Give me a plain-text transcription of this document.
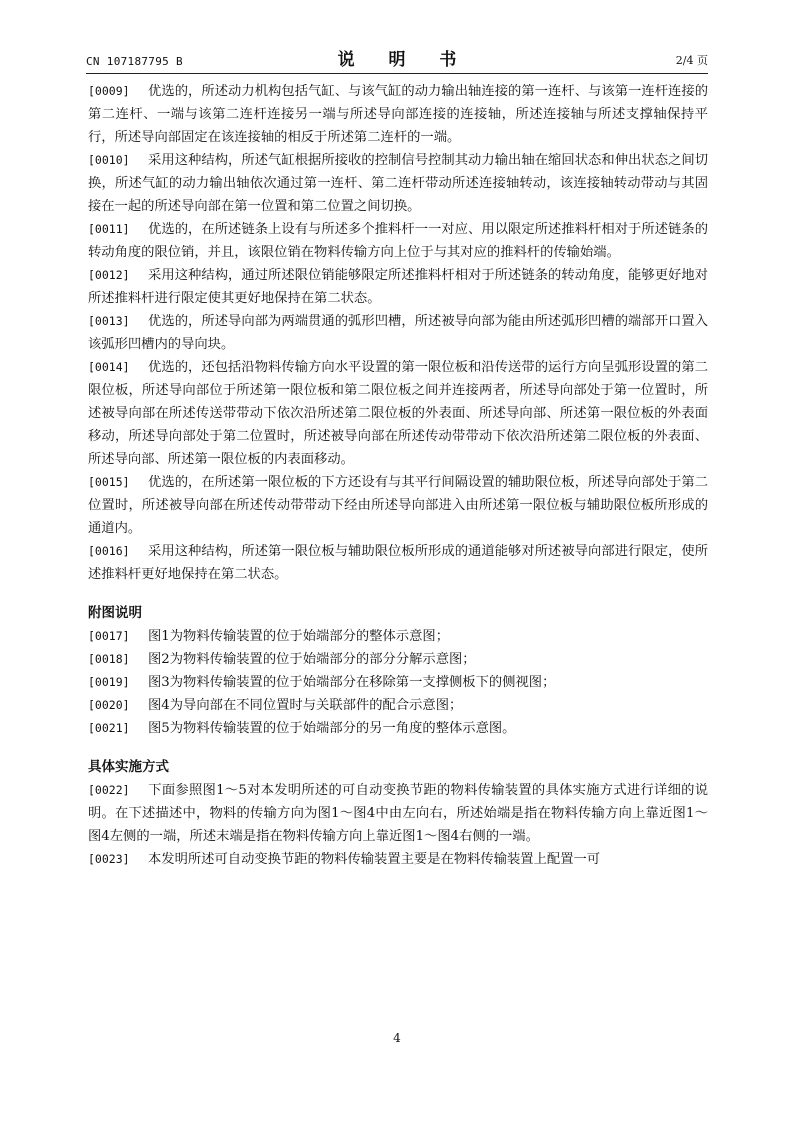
CN 107187795 B	说 明 书	2/4 页

[0009] 优选的，所述动力机构包括气缸、与该气缸的动力输出轴连接的第一连杆、与该第一连杆连接的第二连杆、一端与该第二连杆连接另一端与所述导向部连接的连接轴，所述连接轴与所述支撑轴保持平行，所述导向部固定在该连接轴的相反于所述第二连杆的一端。

[0010] 采用这种结构，所述气缸根据所接收的控制信号控制其动力输出轴在缩回状态和伸出状态之间切换，所述气缸的动力输出轴依次通过第一连杆、第二连杆带动所述连接轴转动，该连接轴转动带动与其固接在一起的所述导向部在第一位置和第二位置之间切换。

[0011] 优选的，在所述链条上设有与所述多个推料杆一一对应、用以限定所述推料杆相对于所述链条的转动角度的限位销，并且，该限位销在物料传输方向上位于与其对应的推料杆的传输始端。

[0012] 采用这种结构，通过所述限位销能够限定所述推料杆相对于所述链条的转动角度，能够更好地对所述推料杆进行限定使其更好地保持在第二状态。

[0013] 优选的，所述导向部为两端贯通的弧形凹槽，所述被导向部为能由所述弧形凹槽的端部开口置入该弧形凹槽内的导向块。

[0014] 优选的，还包括沿物料传输方向水平设置的第一限位板和沿传送带的运行方向呈弧形设置的第二限位板，所述导向部位于所述第一限位板和第二限位板之间并连接两者，所述导向部处于第一位置时，所述被导向部在所述传送带带动下依次沿所述第二限位板的外表面、所述导向部、所述第一限位板的外表面移动，所述导向部处于第二位置时，所述被导向部在所述传动带带动下依次沿所述第二限位板的外表面、所述导向部、所述第一限位板的内表面移动。

[0015] 优选的，在所述第一限位板的下方还设有与其平行间隔设置的辅助限位板，所述导向部处于第二位置时，所述被导向部在所述传动带带动下经由所述导向部进入由所述第一限位板与辅助限位板所形成的通道内。

[0016] 采用这种结构，所述第一限位板与辅助限位板所形成的通道能够对所述被导向部进行限定，使所述推料杆更好地保持在第二状态。

附图说明

[0017] 图1为物料传输装置的位于始端部分的整体示意图；

[0018] 图2为物料传输装置的位于始端部分的部分分解示意图；

[0019] 图3为物料传输装置的位于始端部分在移除第一支撑侧板下的侧视图；

[0020] 图4为导向部在不同位置时与关联部件的配合示意图；

[0021] 图5为物料传输装置的位于始端部分的另一角度的整体示意图。

具体实施方式

[0022] 下面参照图1～5对本发明所述的可自动变换节距的物料传输装置的具体实施方式进行详细的说明。在下述描述中，物料的传输方向为图1～图4中由左向右，所述始端是指在物料传输方向上靠近图1～图4左侧的一端，所述末端是指在物料传输方向上靠近图1～图4右侧的一端。

[0023] 本发明所述可自动变换节距的物料传输装置主要是在物料传输装置上配置一可

4
